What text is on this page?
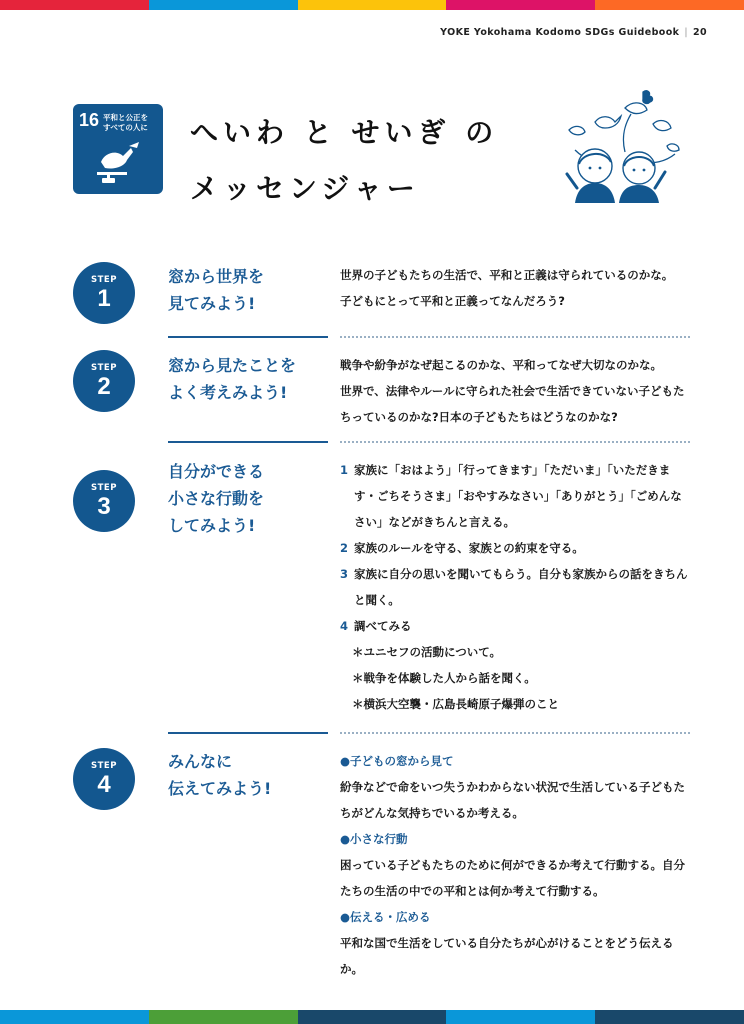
YOKE Yokohama Kodomo SDGs Guidebook | 20
16 平和と公正を
すべての人に へいわ と せいぎ の
メッセンジャー
STEP
1
窓から世界を
見てみよう!
世界の子どもたちの生活で、平和と正義は守られているのかな。
子どもにとって平和と正義ってなんだろう?
STEP
2
窓から見たことを
よく考えみよう!
戦争や紛争がなぜ起こるのかな、平和ってなぜ大切なのかな。
世界で、法律やルールに守られた社会で生活できていない子どもたちっているのかな?日本の子どもたちはどうなのかな?
STEP
3
自分ができる
小さな行動を
してみよう!
1 家族に「おはよう」「行ってきます」「ただいま」「いただきます・ごちそうさま」「おやすみなさい」「ありがとう」「ごめんなさい」などがきちんと言える。
2 家族のルールを守る、家族との約束を守る。
3 家族に自分の思いを聞いてもらう。自分も家族からの話をきちんと聞く。
4 調べてみる
＊ユニセフの活動について。
＊戦争を体験した人から話を聞く。
＊横浜大空襲・広島長崎原子爆弾のこと
STEP
4
みんなに
伝えてみよう!
●子どもの窓から見て
紛争などで命をいつ失うかわからない状況で生活している子どもたちがどんな気持ちでいるか考える。
●小さな行動
困っている子どもたちのために何ができるか考えて行動する。自分たちの生活の中での平和とは何か考えて行動する。
●伝える・広める
平和な国で生活をしている自分たちが心がけることをどう伝えるか。
